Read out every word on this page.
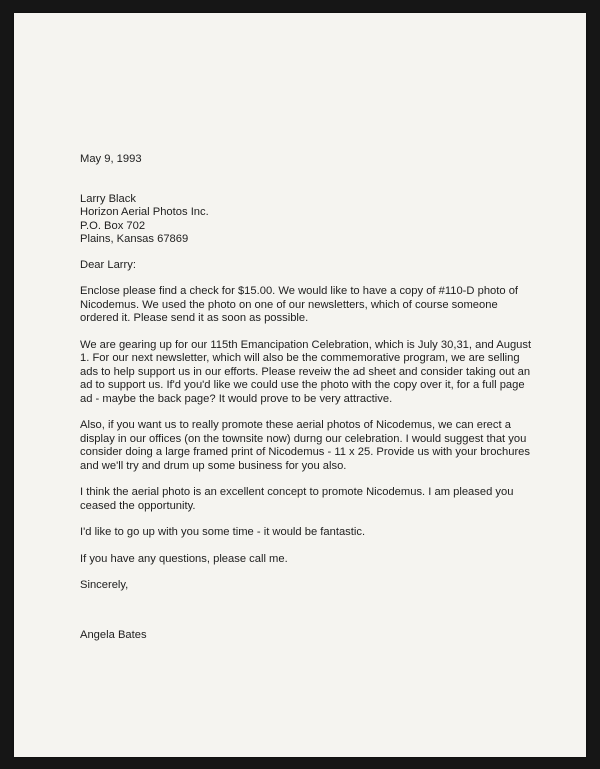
May 9, 1993

Larry Black
Horizon Aerial Photos Inc.
P.O. Box 702
Plains, Kansas 67869

Dear Larry:

Enclose please find a check for $15.00. We would like to have a copy of #110-D photo of Nicodemus. We used the photo on one of our newsletters, which of course someone ordered it. Please send it as soon as possible.

We are gearing up for our 115th Emancipation Celebration, which is July 30,31, and August 1. For our next newsletter, which will also be the commemorative program, we are selling ads to help support us in our efforts. Please reveiw the ad sheet and consider taking out an ad to support us. If'd you'd like we could use the photo with the copy over it, for a full page ad - maybe the back page? It would prove to be very attractive.

Also, if you want us to really promote these aerial photos of Nicodemus, we can erect a display in our offices (on the townsite now) durng our celebration. I would suggest that you consider doing a large framed print of Nicodemus - 11 x 25. Provide us with your brochures and we'll try and drum up some business for you also.

I think the aerial photo is an excellent concept to promote Nicodemus. I am pleased you ceased the opportunity.

I'd like to go up with you some time - it would be fantastic.

If you have any questions, please call me.

Sincerely,

Angela Bates
